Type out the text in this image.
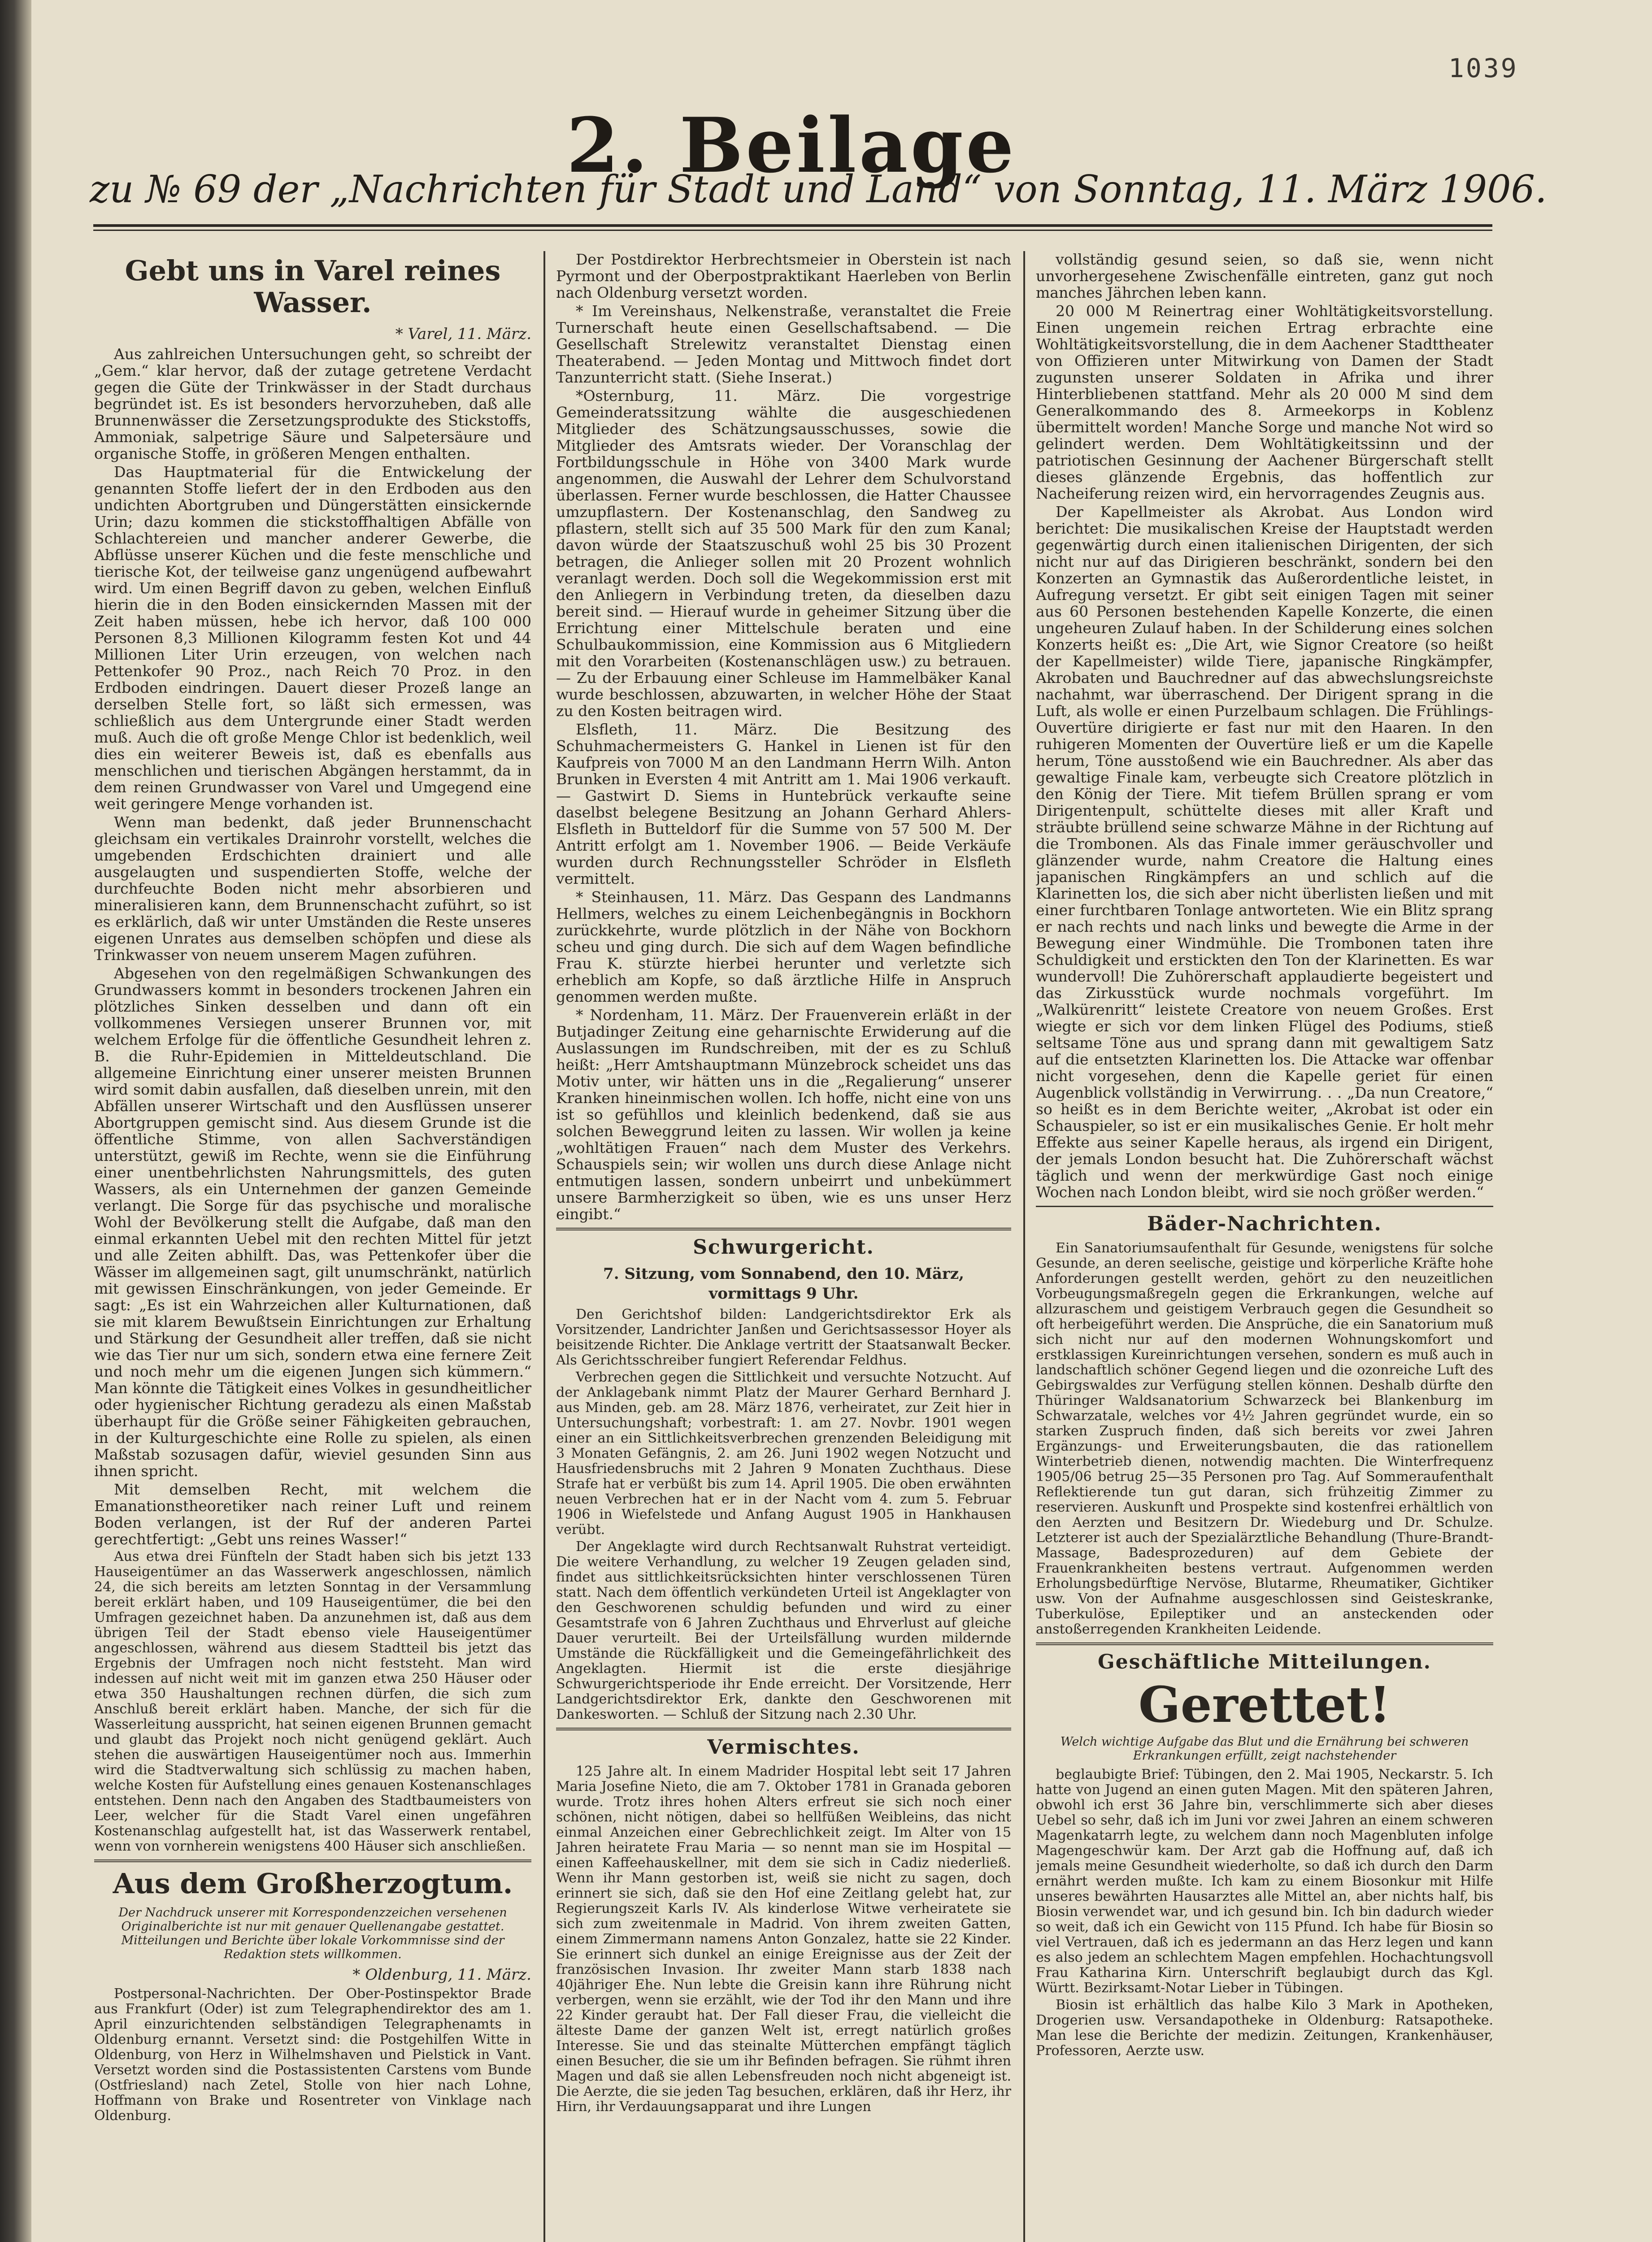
1039
2. Beilage
zu № 69 der „Nachrichten für Stadt und Land“ von Sonntag, 11. März 1906.
Gebt uns in Varel reines Wasser.
* Varel, 11. März.

Aus zahlreichen Untersuchungen geht, so schreibt der „Gem.“ klar hervor, daß der zutage getretene Verdacht gegen die Güte der Trinkwässer in der Stadt durchaus begründet ist. Es ist besonders hervorzuheben, daß alle Brunnenwässer die Zersetzungsprodukte des Stickstoffs, Ammoniak, salpetrige Säure und Salpetersäure und organische Stoffe, in größeren Mengen enthalten.

Das Hauptmaterial für die Entwickelung der genannten Stoffe liefert der in den Erdboden aus den undichten Abortgruben und Düngerstätten einsickernde Urin; dazu kommen die stickstoffhaltigen Abfälle von Schlachtereien und mancher anderer Gewerbe, die Abflüsse unserer Küchen und die feste menschliche und tierische Kot, der teilweise ganz ungenügend aufbewahrt wird. Um einen Begriff davon zu geben, welchen Einfluß hierin die in den Boden einsickernden Massen mit der Zeit haben müssen, hebe ich hervor, daß 100 000 Personen 8,3 Millionen Kilogramm festen Kot und 44 Millionen Liter Urin erzeugen, von welchen nach Pettenkofer 90 Proz., nach Reich 70 Proz. in den Erdboden eindringen. Dauert dieser Prozeß lange an derselben Stelle fort, so läßt sich ermessen, was schließlich aus dem Untergrunde einer Stadt werden muß. Auch die oft große Menge Chlor ist bedenklich, weil dies ein weiterer Beweis ist, daß es ebenfalls aus menschlichen und tierischen Abgängen herstammt, da in dem reinen Grundwasser von Varel und Umgegend eine weit geringere Menge vorhanden ist.

Wenn man bedenkt, daß jeder Brunnenschacht gleichsam ein vertikales Drainrohr vorstellt, welches die umgebenden Erdschichten drainiert und alle ausgelaugten und suspendierten Stoffe, welche der durchfeuchte Boden nicht mehr absorbieren und mineralisieren kann, dem Brunnenschacht zuführt, so ist es erklärlich, daß wir unter Umständen die Reste unseres eigenen Unrates aus demselben schöpfen und diese als Trinkwasser von neuem unserem Magen zuführen.

Abgesehen von den regelmäßigen Schwankungen des Grundwassers kommt in besonders trockenen Jahren ein plötzliches Sinken desselben und dann oft ein vollkommenes Versiegen unserer Brunnen vor, mit welchem Erfolge für die öffentliche Gesundheit lehren z. B. die Ruhr-Epidemien in Mitteldeutschland. Die allgemeine Einrichtung einer unserer meisten Brunnen wird somit dabin ausfallen, daß dieselben unrein, mit den Abfällen unserer Wirtschaft und den Ausflüssen unserer Abortgruppen gemischt sind. Aus diesem Grunde ist die öffentliche Stimme, von allen Sachverständigen unterstützt, gewiß im Rechte, wenn sie die Einführung einer unentbehrlichsten Nahrungsmittels, des guten Wassers, als ein Unternehmen der ganzen Gemeinde verlangt. Die Sorge für das psychische und moralische Wohl der Bevölkerung stellt die Aufgabe, daß man den einmal erkannten Uebel mit den rechten Mittel für jetzt und alle Zeiten abhilft. Das, was Pettenkofer über die Wässer im allgemeinen sagt, gilt unumschränkt, natürlich mit gewissen Einschränkungen, von jeder Gemeinde. Er sagt: „Es ist ein Wahrzeichen aller Kulturnationen, daß sie mit klarem Bewußtsein Einrichtungen zur Erhaltung und Stärkung der Gesundheit aller treffen, daß sie nicht wie das Tier nur um sich, sondern etwa eine fernere Zeit und noch mehr um die eigenen Jungen sich kümmern.“ Man könnte die Tätigkeit eines Volkes in gesundheitlicher oder hygienischer Richtung geradezu als einen Maßstab überhaupt für die Größe seiner Fähigkeiten gebrauchen, in der Kulturgeschichte eine Rolle zu spielen, als einen Maßstab sozusagen dafür, wieviel gesunden Sinn aus ihnen spricht.

Mit demselben Recht, mit welchem die Emanationstheoretiker nach reiner Luft und reinem Boden verlangen, ist der Ruf der anderen Partei gerechtfertigt: „Gebt uns reines Wasser!“

Aus etwa drei Fünfteln der Stadt haben sich bis jetzt 133 Hauseigentümer an das Wasserwerk angeschlossen, nämlich 24, die sich bereits am letzten Sonntag in der Versammlung bereit erklärt haben, und 109 Hauseigentümer, die bei den Umfragen gezeichnet haben. Da anzunehmen ist, daß aus dem übrigen Teil der Stadt ebenso viele Hauseigentümer angeschlossen, während aus diesem Stadtteil bis jetzt das Ergebnis der Umfragen noch nicht feststeht. Man wird indessen auf nicht weit mit im ganzen etwa 250 Häuser oder etwa 350 Haushaltungen rechnen dürfen, die sich zum Anschluß bereit erklärt haben. Manche, der sich für die Wasserleitung ausspricht, hat seinen eigenen Brunnen gemacht und glaubt das Projekt noch nicht genügend geklärt. Auch stehen die auswärtigen Hauseigentümer noch aus. Immerhin wird die Stadtverwaltung sich schlüssig zu machen haben, welche Kosten für Aufstellung eines genauen Kostenanschlages entstehen. Denn nach den Angaben des Stadtbaumeisters von Leer, welcher für die Stadt Varel einen ungefähren Kostenanschlag aufgestellt hat, ist das Wasserwerk rentabel, wenn von vornherein wenigstens 400 Häuser sich anschließen.

Aus dem Großherzogtum.
Der Nachdruck unserer mit Korrespondenzzeichen versehenen Originalberichte ist nur mit genauer Quellenangabe gestattet. Mitteilungen und Berichte über lokale Vorkommnisse sind der Redaktion stets willkommen.
* Oldenburg, 11. März.

Postpersonal-Nachrichten. Der Ober-Postinspektor Brade aus Frankfurt (Oder) ist zum Telegraphendirektor des am 1. April einzurichtenden selbständigen Telegraphenamts in Oldenburg ernannt. Versetzt sind: die Postgehilfen Witte in Oldenburg, von Herz in Wilhelmshaven und Pielstick in Vant. Versetzt worden sind die Postassistenten Carstens vom Bunde (Ostfriesland) nach Zetel, Stolle von hier nach Lohne, Hoffmann von Brake und Rosentreter von Vinklage nach Oldenburg.

Der Postdirektor Herbrechtsmeier in Oberstein ist nach Pyrmont und der Oberpostpraktikant Haerleben von Berlin nach Oldenburg versetzt worden.

* Im Vereinshaus, Nelkenstraße, veranstaltet die Freie Turnerschaft heute einen Gesellschaftsabend. — Die Gesellschaft Strelewitz veranstaltet Dienstag einen Theaterabend. — Jeden Montag und Mittwoch findet dort Tanzunterricht statt. (Siehe Inserat.)

*Osternburg, 11. März. Die vorgestrige Gemeinderatssitzung wählte die ausgeschiedenen Mitglieder des Schätzungsausschusses, sowie die Mitglieder des Amtsrats wieder. Der Voranschlag der Fortbildungsschule in Höhe von 3400 Mark wurde angenommen, die Auswahl der Lehrer dem Schulvorstand überlassen. Ferner wurde beschlossen, die Hatter Chaussee umzupflastern. Der Kostenanschlag, den Sandweg zu pflastern, stellt sich auf 35 500 Mark für den zum Kanal; davon würde der Staatszuschuß wohl 25 bis 30 Prozent betragen, die Anlieger sollen mit 20 Prozent wohnlich veranlagt werden. Doch soll die Wegekommission erst mit den Anliegern in Verbindung treten, da dieselben dazu bereit sind. — Hierauf wurde in geheimer Sitzung über die Errichtung einer Mittelschule beraten und eine Schulbaukommission, eine Kommission aus 6 Mitgliedern mit den Vorarbeiten (Kostenanschlägen usw.) zu betrauen. — Zu der Erbauung einer Schleuse im Hammelbäker Kanal wurde beschlossen, abzuwarten, in welcher Höhe der Staat zu den Kosten beitragen wird.

Elsfleth, 11. März. Die Besitzung des Schuhmachermeisters G. Hankel in Lienen ist für den Kaufpreis von 7000 M an den Landmann Herrn Wilh. Anton Brunken in Eversten 4 mit Antritt am 1. Mai 1906 verkauft. — Gastwirt D. Siems in Huntebrück verkaufte seine daselbst belegene Besitzung an Johann Gerhard Ahlers-Elsfleth in Butteldorf für die Summe von 57 500 M. Der Antritt erfolgt am 1. November 1906. — Beide Verkäufe wurden durch Rechnungssteller Schröder in Elsfleth vermittelt.

* Steinhausen, 11. März. Das Gespann des Landmanns Hellmers, welches zu einem Leichenbegängnis in Bockhorn zurückkehrte, wurde plötzlich in der Nähe von Bockhorn scheu und ging durch. Die sich auf dem Wagen befindliche Frau K. stürzte hierbei herunter und verletzte sich erheblich am Kopfe, so daß ärztliche Hilfe in Anspruch genommen werden mußte.

* Nordenham, 11. März. Der Frauenverein erläßt in der Butjadinger Zeitung eine geharnischte Erwiderung auf die Auslassungen im Rundschreiben, mit der es zu Schluß heißt: „Herr Amtshauptmann Münzebrock scheidet uns das Motiv unter, wir hätten uns in die „Regalierung“ unserer Kranken hineinmischen wollen. Ich hoffe, nicht eine von uns ist so gefühllos und kleinlich bedenkend, daß sie aus solchen Beweggrund leiten zu lassen. Wir wollen ja keine „wohltätigen Frauen“ nach dem Muster des Verkehrs. Schauspiels sein; wir wollen uns durch diese Anlage nicht entmutigen lassen, sondern unbeirrt und unbekümmert unsere Barmherzigkeit so üben, wie es uns unser Herz eingibt.“

Schwurgericht.
7. Sitzung, vom Sonnabend, den 10. März, vormittags 9 Uhr.

Den Gerichtshof bilden: Landgerichtsdirektor Erk als Vorsitzender, Landrichter Janßen und Gerichtsassessor Hoyer als beisitzende Richter. Die Anklage vertritt der Staatsanwalt Becker. Als Gerichtsschreiber fungiert Referendar Feldhus.

Verbrechen gegen die Sittlichkeit und versuchte Notzucht. Auf der Anklagebank nimmt Platz der Maurer Gerhard Bernhard J. aus Minden, geb. am 28. März 1876, verheiratet, zur Zeit hier in Untersuchungshaft; vorbestraft: 1. am 27. Novbr. 1901 wegen einer an ein Sittlichkeitsverbrechen grenzenden Beleidigung mit 3 Monaten Gefängnis, 2. am 26. Juni 1902 wegen Notzucht und Hausfriedensbruchs mit 2 Jahren 9 Monaten Zuchthaus. Diese Strafe hat er verbüßt bis zum 14. April 1905. Die oben erwähnten neuen Verbrechen hat er in der Nacht vom 4. zum 5. Februar 1906 in Wiefelstede und Anfang August 1905 in Hankhausen verübt.

Der Angeklagte wird durch Rechtsanwalt Ruhstrat verteidigt. Die weitere Verhandlung, zu welcher 19 Zeugen geladen sind, findet aus sittlichkeitsrücksichten hinter verschlossenen Türen statt. Nach dem öffentlich verkündeten Urteil ist Angeklagter von den Geschworenen schuldig befunden und wird zu einer Gesamtstrafe von 6 Jahren Zuchthaus und Ehrverlust auf gleiche Dauer verurteilt. Bei der Urteilsfällung wurden mildernde Umstände die Rückfälligkeit und die Gemeingefährlichkeit des Angeklagten. Hiermit ist die erste diesjährige Schwurgerichtsperiode ihr Ende erreicht. Der Vorsitzende, Herr Landgerichtsdirektor Erk, dankte den Geschworenen mit Dankesworten. — Schluß der Sitzung nach 2.30 Uhr.

Vermischtes.

125 Jahre alt. In einem Madrider Hospital lebt seit 17 Jahren Maria Josefine Nieto, die am 7. Oktober 1781 in Granada geboren wurde. Trotz ihres hohen Alters erfreut sie sich noch einer schönen, nicht nötigen, dabei so hellfüßen Weibleins, das nicht einmal Anzeichen einer Gebrechlichkeit zeigt. Im Alter von 15 Jahren heiratete Frau Maria — so nennt man sie im Hospital — einen Kaffeehauskellner, mit dem sie sich in Cadiz niederließ. Wenn ihr Mann gestorben ist, weiß sie nicht zu sagen, doch erinnert sie sich, daß sie den Hof eine Zeitlang gelebt hat, zur Regierungszeit Karls IV. Als kinderlose Witwe verheiratete sie sich zum zweitenmale in Madrid. Von ihrem zweiten Gatten, einem Zimmermann namens Anton Gonzalez, hatte sie 22 Kinder. Sie erinnert sich dunkel an einige Ereignisse aus der Zeit der französischen Invasion. Ihr zweiter Mann starb 1838 nach 40jähriger Ehe. Nun lebte die Greisin kann ihre Rührung nicht verbergen, wenn sie erzählt, wie der Tod ihr den Mann und ihre 22 Kinder geraubt hat. Der Fall dieser Frau, die vielleicht die älteste Dame der ganzen Welt ist, erregt natürlich großes Interesse. Sie und das steinalte Mütterchen empfängt täglich einen Besucher, die sie um ihr Befinden befragen. Sie rühmt ihren Magen und daß sie allen Lebensfreuden noch nicht abgeneigt ist. Die Aerzte, die sie jeden Tag besuchen, erklären, daß ihr Herz, ihr Hirn, ihr Verdauungsapparat und ihre Lungen

vollständig gesund seien, so daß sie, wenn nicht unvorhergesehene Zwischenfälle eintreten, ganz gut noch manches Jährchen leben kann.

20 000 M Reinertrag einer Wohltätigkeitsvorstellung. Einen ungemein reichen Ertrag erbrachte eine Wohltätigkeitsvorstellung, die in dem Aachener Stadttheater von Offizieren unter Mitwirkung von Damen der Stadt zugunsten unserer Soldaten in Afrika und ihrer Hinterbliebenen stattfand. Mehr als 20 000 M sind dem Generalkommando des 8. Armeekorps in Koblenz übermittelt worden! Manche Sorge und manche Not wird so gelindert werden. Dem Wohltätigkeitssinn und der patriotischen Gesinnung der Aachener Bürgerschaft stellt dieses glänzende Ergebnis, das hoffentlich zur Nacheiferung reizen wird, ein hervorragendes Zeugnis aus.

Der Kapellmeister als Akrobat. Aus London wird berichtet: Die musikalischen Kreise der Hauptstadt werden gegenwärtig durch einen italienischen Dirigenten, der sich nicht nur auf das Dirigieren beschränkt, sondern bei den Konzerten an Gymnastik das Außerordentliche leistet, in Aufregung versetzt. Er gibt seit einigen Tagen mit seiner aus 60 Personen bestehenden Kapelle Konzerte, die einen ungeheuren Zulauf haben. In der Schilderung eines solchen Konzerts heißt es: „Die Art, wie Signor Creatore (so heißt der Kapellmeister) wilde Tiere, japanische Ringkämpfer, Akrobaten und Bauchredner auf das abwechslungsreichste nachahmt, war überraschend. Der Dirigent sprang in die Luft, als wolle er einen Purzelbaum schlagen. Die Frühlings-Ouvertüre dirigierte er fast nur mit den Haaren. In den ruhigeren Momenten der Ouvertüre ließ er um die Kapelle herum, Töne ausstoßend wie ein Bauchredner. Als aber das gewaltige Finale kam, verbeugte sich Creatore plötzlich in den König der Tiere. Mit tiefem Brüllen sprang er vom Dirigentenpult, schüttelte dieses mit aller Kraft und sträubte brüllend seine schwarze Mähne in der Richtung auf die Trombonen. Als das Finale immer geräuschvoller und glänzender wurde, nahm Creatore die Haltung eines japanischen Ringkämpfers an und schlich auf die Klarinetten los, die sich aber nicht überlisten ließen und mit einer furchtbaren Tonlage antworteten. Wie ein Blitz sprang er nach rechts und nach links und bewegte die Arme in der Bewegung einer Windmühle. Die Trombonen taten ihre Schuldigkeit und erstickten den Ton der Klarinetten. Es war wundervoll! Die Zuhörerschaft applaudierte begeistert und das Zirkusstück wurde nochmals vorgeführt. Im „Walkürenritt“ leistete Creatore von neuem Großes. Erst wiegte er sich vor dem linken Flügel des Podiums, stieß seltsame Töne aus und sprang dann mit gewaltigem Satz auf die entsetzten Klarinetten los. Die Attacke war offenbar nicht vorgesehen, denn die Kapelle geriet für einen Augenblick vollständig in Verwirrung. . . „Da nun Creatore,“ so heißt es in dem Berichte weiter, „Akrobat ist oder ein Schauspieler, so ist er ein musikalisches Genie. Er holt mehr Effekte aus seiner Kapelle heraus, als irgend ein Dirigent, der jemals London besucht hat. Die Zuhörerschaft wächst täglich und wenn der merkwürdige Gast noch einige Wochen nach London bleibt, wird sie noch größer werden.“

Bäder-Nachrichten.

Ein Sanatoriumsaufenthalt für Gesunde, wenigstens für solche Gesunde, an deren seelische, geistige und körperliche Kräfte hohe Anforderungen gestellt werden, gehört zu den neuzeitlichen Vorbeugungsmaßregeln gegen die Erkrankungen, welche auf allzuraschem und geistigem Verbrauch gegen die Gesundheit so oft herbeigeführt werden. Die Ansprüche, die ein Sanatorium muß sich nicht nur auf den modernen Wohnungskomfort und erstklassigen Kureinrichtungen versehen, sondern es muß auch in landschaftlich schöner Gegend liegen und die ozonreiche Luft des Gebirgswaldes zur Verfügung stellen können. Deshalb dürfte den Thüringer Waldsanatorium Schwarzeck bei Blankenburg im Schwarzatale, welches vor 4½ Jahren gegründet wurde, ein so starken Zuspruch finden, daß sich bereits vor zwei Jahren Ergänzungs- und Erweiterungsbauten, die das rationellem Winterbetrieb dienen, notwendig machten. Die Winterfrequenz 1905/06 betrug 25—35 Personen pro Tag. Auf Sommeraufenthalt Reflektierende tun gut daran, sich frühzeitig Zimmer zu reservieren. Auskunft und Prospekte sind kostenfrei erhältlich von den Aerzten und Besitzern Dr. Wiedeburg und Dr. Schulze. Letzterer ist auch der Spezialärztliche Behandlung (Thure-Brandt-Massage, Badesprozeduren) auf dem Gebiete der Frauenkrankheiten bestens vertraut. Aufgenommen werden Erholungsbedürftige Nervöse, Blutarme, Rheumatiker, Gichtiker usw. Von der Aufnahme ausgeschlossen sind Geisteskranke, Tuberkulöse, Epileptiker und an ansteckenden oder anstoßerregenden Krankheiten Leidende.

Geschäftliche Mitteilungen.
Gerettet!
Welch wichtige Aufgabe das Blut und die Ernährung bei schweren Erkrankungen erfüllt, zeigt nachstehender

beglaubigte Brief: Tübingen, den 2. Mai 1905, Neckarstr. 5. Ich hatte von Jugend an einen guten Magen. Mit den späteren Jahren, obwohl ich erst 36 Jahre bin, verschlimmerte sich aber dieses Uebel so sehr, daß ich im Juni vor zwei Jahren an einem schweren Magenkatarrh legte, zu welchem dann noch Magenbluten infolge Magengeschwür kam. Der Arzt gab die Hoffnung auf, daß ich jemals meine Gesundheit wiederholte, so daß ich durch den Darm ernährt werden mußte. Ich kam zu einem Biosonkur mit Hilfe unseres bewährten Hausarztes alle Mittel an, aber nichts half, bis Biosin verwendet war, und ich gesund bin. Ich bin dadurch wieder so weit, daß ich ein Gewicht von 115 Pfund. Ich habe für Biosin so viel Vertrauen, daß ich es jedermann an das Herz legen und kann es also jedem an schlechtem Magen empfehlen. Hochachtungsvoll Frau Katharina Kirn. Unterschrift beglaubigt durch das Kgl. Württ. Bezirksamt-Notar Lieber in Tübingen.

Biosin ist erhältlich das halbe Kilo 3 Mark in Apotheken, Drogerien usw. Versandapotheke in Oldenburg: Ratsapotheke. Man lese die Berichte der medizin. Zeitungen, Krankenhäuser, Professoren, Aerzte usw.
